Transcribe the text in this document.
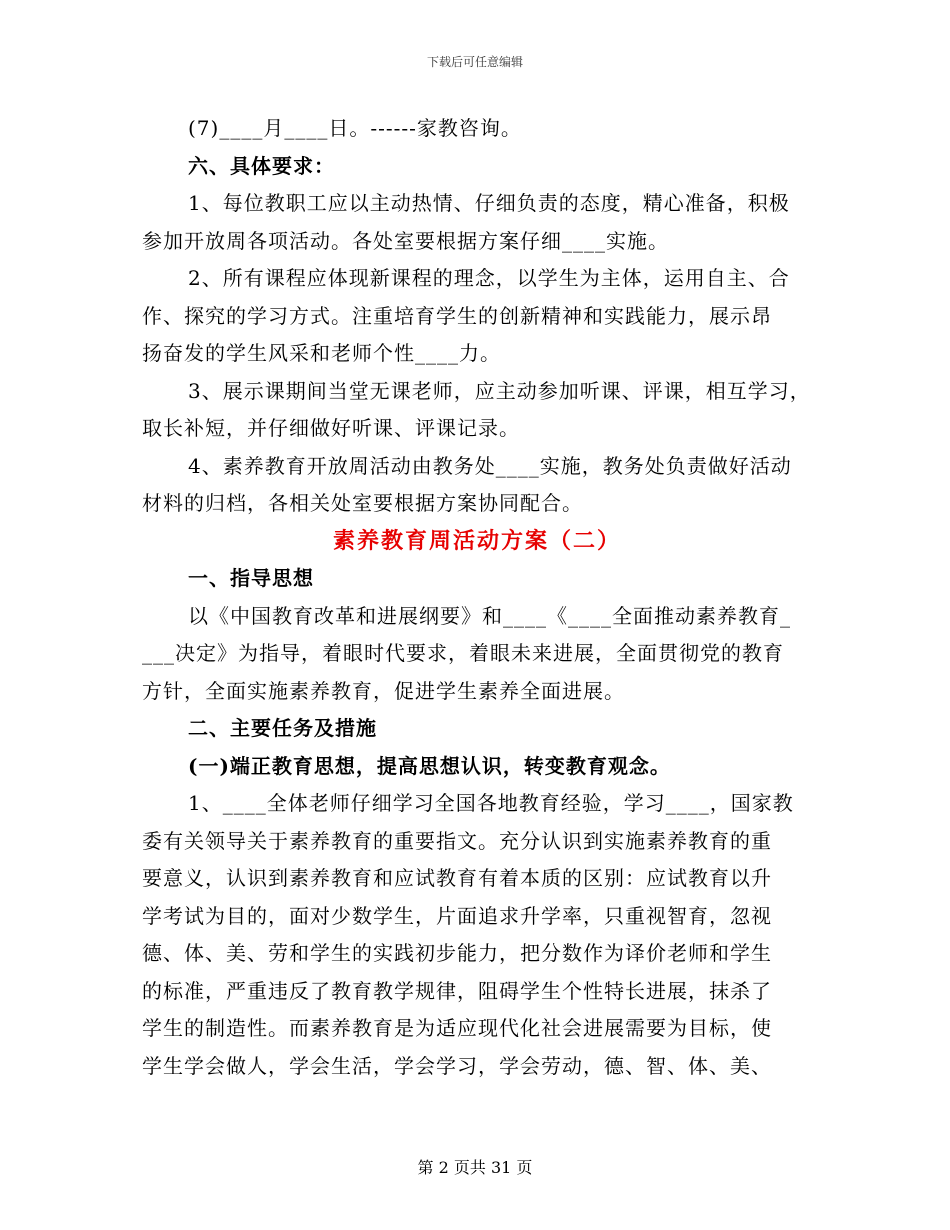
下载后可任意编辑
(7)____月____日。------家教咨询。
六、具体要求：
1、每位教职工应以主动热情、仔细负责的态度，精心准备，积极
参加开放周各项活动。各处室要根据方案仔细____实施。
2、所有课程应体现新课程的理念，以学生为主体，运用自主、合
作、探究的学习方式。注重培育学生的创新精神和实践能力，展示昂
扬奋发的学生风采和老师个性____力。
3、展示课期间当堂无课老师，应主动参加听课、评课，相互学习，
取长补短，并仔细做好听课、评课记录。
4、素养教育开放周活动由教务处____实施，教务处负责做好活动
材料的归档，各相关处室要根据方案协同配合。
素养教育周活动方案（二）
一、指导思想
以《中国教育改革和进展纲要》和____《____全面推动素养教育_
___决定》为指导，着眼时代要求，着眼未来进展，全面贯彻党的教育
方针，全面实施素养教育，促进学生素养全面进展。
二、主要任务及措施
(一)端正教育思想，提高思想认识，转变教育观念。
1、____全体老师仔细学习全国各地教育经验，学习____，国家教
委有关领导关于素养教育的重要指文。充分认识到实施素养教育的重
要意义，认识到素养教育和应试教育有着本质的区别：应试教育以升
学考试为目的，面对少数学生，片面追求升学率，只重视智育，忽视
德、体、美、劳和学生的实践初步能力，把分数作为译价老师和学生
的标准，严重违反了教育教学规律，阻碍学生个性特长进展，抹杀了
学生的制造性。而素养教育是为适应现代化社会进展需要为目标，使
学生学会做人，学会生活，学会学习，学会劳动，德、智、体、美、
第 2 页共 31 页
